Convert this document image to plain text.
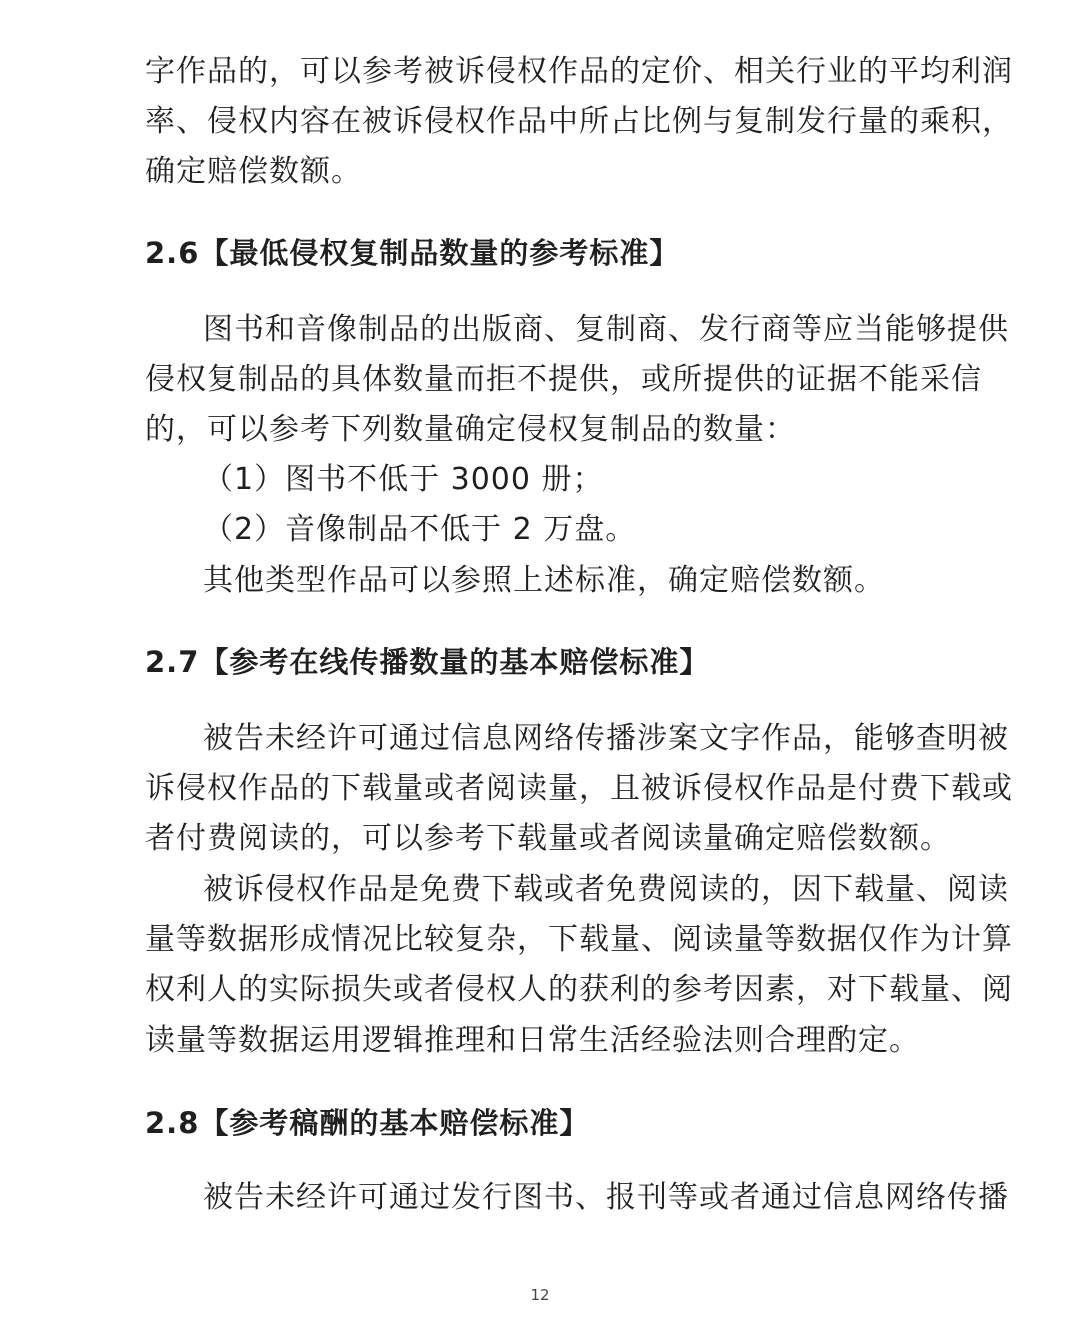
字作品的，可以参考被诉侵权作品的定价、相关行业的平均利润
率、侵权内容在被诉侵权作品中所占比例与复制发行量的乘积，
确定赔偿数额。
2.6【最低侵权复制品数量的参考标准】
图书和音像制品的出版商、复制商、发行商等应当能够提供
侵权复制品的具体数量而拒不提供，或所提供的证据不能采信
的，可以参考下列数量确定侵权复制品的数量：
（1）图书不低于 3000 册；
（2）音像制品不低于 2 万盘。
其他类型作品可以参照上述标准，确定赔偿数额。
2.7【参考在线传播数量的基本赔偿标准】
被告未经许可通过信息网络传播涉案文字作品，能够查明被
诉侵权作品的下载量或者阅读量，且被诉侵权作品是付费下载或
者付费阅读的，可以参考下载量或者阅读量确定赔偿数额。
被诉侵权作品是免费下载或者免费阅读的，因下载量、阅读
量等数据形成情况比较复杂，下载量、阅读量等数据仅作为计算
权利人的实际损失或者侵权人的获利的参考因素，对下载量、阅
读量等数据运用逻辑推理和日常生活经验法则合理酌定。
2.8【参考稿酬的基本赔偿标准】
被告未经许可通过发行图书、报刊等或者通过信息网络传播
12
